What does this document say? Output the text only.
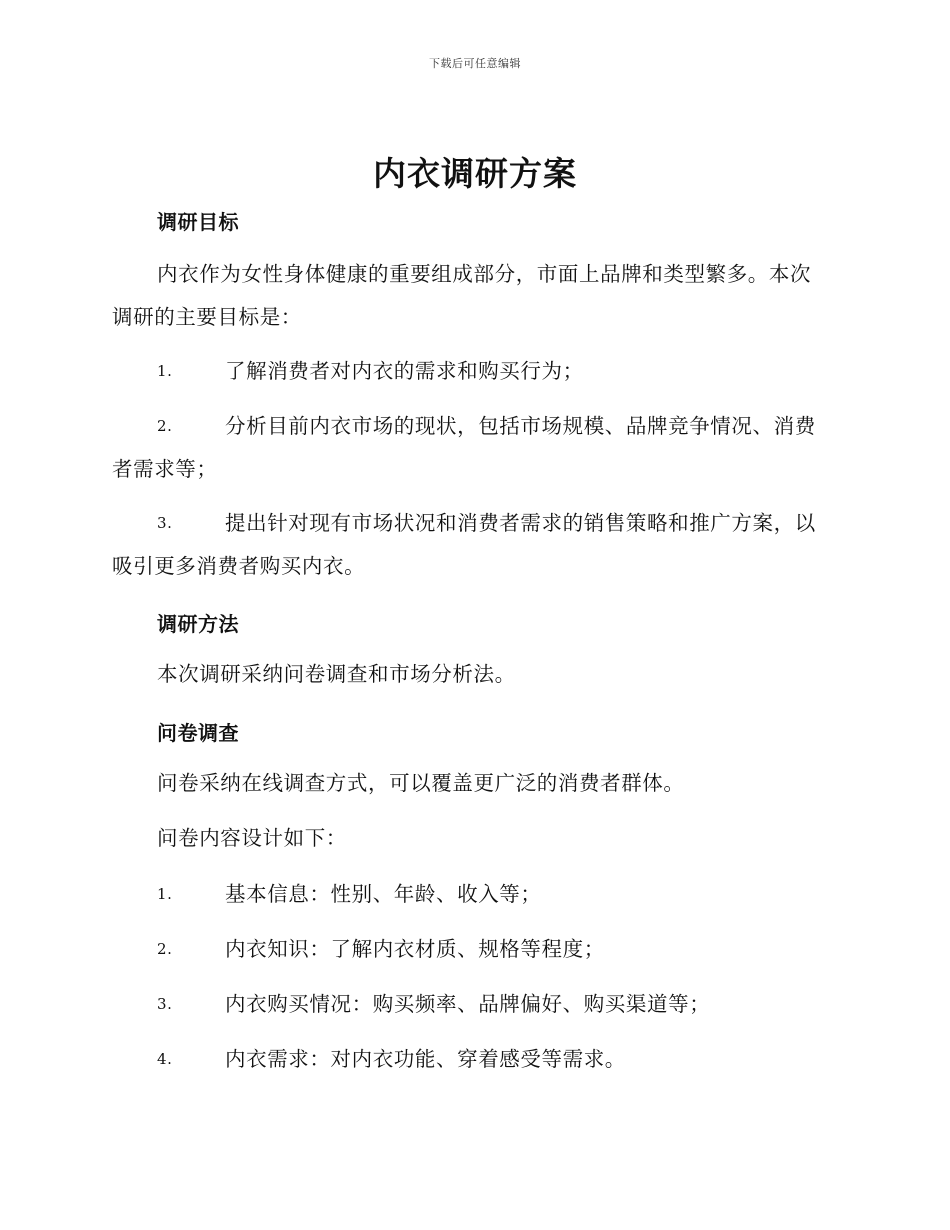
下载后可任意编辑
内衣调研方案
调研目标
内衣作为女性身体健康的重要组成部分，市面上品牌和类型繁多。本次调研的主要目标是：
1.	了解消费者对内衣的需求和购买行为；
2.	分析目前内衣市场的现状，包括市场规模、品牌竞争情况、消费者需求等；
3.	提出针对现有市场状况和消费者需求的销售策略和推广方案，以吸引更多消费者购买内衣。
调研方法
本次调研采纳问卷调查和市场分析法。
问卷调查
问卷采纳在线调查方式，可以覆盖更广泛的消费者群体。
问卷内容设计如下：
1.	基本信息：性别、年龄、收入等；
2.	内衣知识：了解内衣材质、规格等程度；
3.	内衣购买情况：购买频率、品牌偏好、购买渠道等；
4.	内衣需求：对内衣功能、穿着感受等需求。
